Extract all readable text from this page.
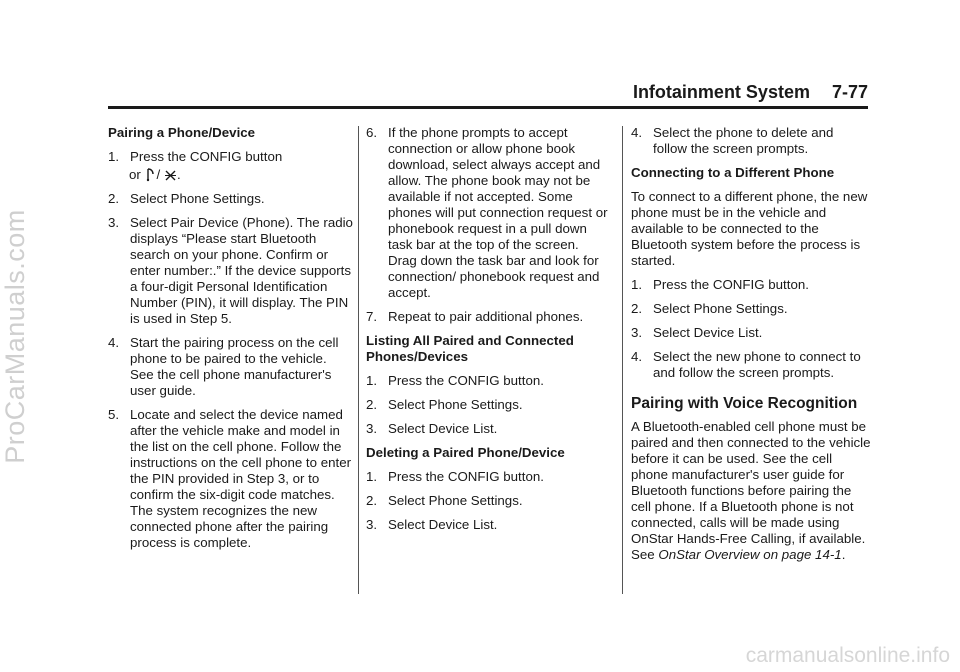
ProCarManuals.com
Infotainment System 7-77
Pairing a Phone/Device
1. Press the CONFIG button
or / .
2. Select Phone Settings.
3. Select Pair Device (Phone). The radio displays “Please start Bluetooth search on your phone. Confirm or enter number:.” If the device supports a four-digit Personal Identification Number (PIN), it will display. The PIN is used in Step 5.
4. Start the pairing process on the cell phone to be paired to the vehicle. See the cell phone manufacturer's user guide.
5. Locate and select the device named after the vehicle make and model in the list on the cell phone. Follow the instructions on the cell phone to enter the PIN provided in Step 3, or to confirm the six-digit code matches. The system recognizes the new connected phone after the pairing process is complete.
6. If the phone prompts to accept connection or allow phone book download, select always accept and allow. The phone book may not be available if not accepted. Some phones will put connection request or phonebook request in a pull down task bar at the top of the screen. Drag down the task bar and look for connection/ phonebook request and accept.
7. Repeat to pair additional phones.
Listing All Paired and Connected Phones/Devices
1. Press the CONFIG button.
2. Select Phone Settings.
3. Select Device List.
Deleting a Paired Phone/Device
1. Press the CONFIG button.
2. Select Phone Settings.
3. Select Device List.
4. Select the phone to delete and follow the screen prompts.
Connecting to a Different Phone
To connect to a different phone, the new phone must be in the vehicle and available to be connected to the Bluetooth system before the process is started.
1. Press the CONFIG button.
2. Select Phone Settings.
3. Select Device List.
4. Select the new phone to connect to and follow the screen prompts.
Pairing with Voice Recognition
A Bluetooth-enabled cell phone must be paired and then connected to the vehicle before it can be used. See the cell phone manufacturer's user guide for Bluetooth functions before pairing the cell phone. If a Bluetooth phone is not connected, calls will be made using OnStar Hands-Free Calling, if available. See OnStar Overview on page 14-1.
carmanualsonline.info
